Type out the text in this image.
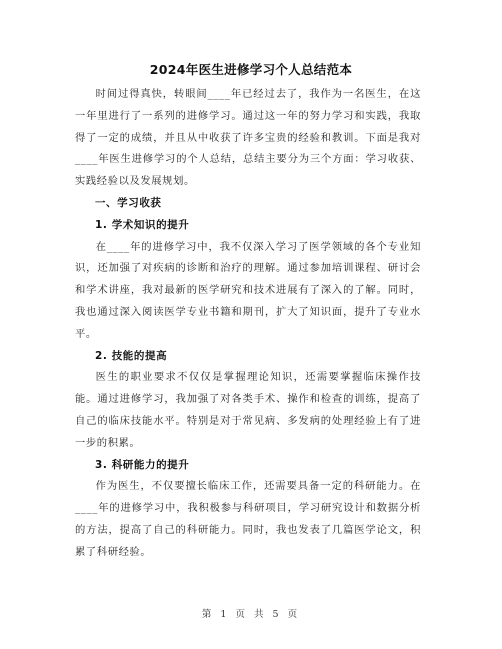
2024年医生进修学习个人总结范本

时间过得真快，转眼间____年已经过去了，我作为一名医生，在这一年里进行了一系列的进修学习。通过这一年的努力学习和实践，我取得了一定的成绩，并且从中收获了许多宝贵的经验和教训。下面是我对____年医生进修学习的个人总结，总结主要分为三个方面：学习收获、实践经验以及发展规划。

一、学习收获

1. 学术知识的提升

在____年的进修学习中，我不仅深入学习了医学领域的各个专业知识，还加强了对疾病的诊断和治疗的理解。通过参加培训课程、研讨会和学术讲座，我对最新的医学研究和技术进展有了深入的了解。同时，我也通过深入阅读医学专业书籍和期刊，扩大了知识面，提升了专业水平。

2. 技能的提高

医生的职业要求不仅仅是掌握理论知识，还需要掌握临床操作技能。通过进修学习，我加强了对各类手术、操作和检查的训练，提高了自己的临床技能水平。特别是对于常见病、多发病的处理经验上有了进一步的积累。

3. 科研能力的提升

作为医生，不仅要擅长临床工作，还需要具备一定的科研能力。在____年的进修学习中，我积极参与科研项目，学习研究设计和数据分析的方法，提高了自己的科研能力。同时，我也发表了几篇医学论文，积累了科研经验。

第 1 页 共 5 页
